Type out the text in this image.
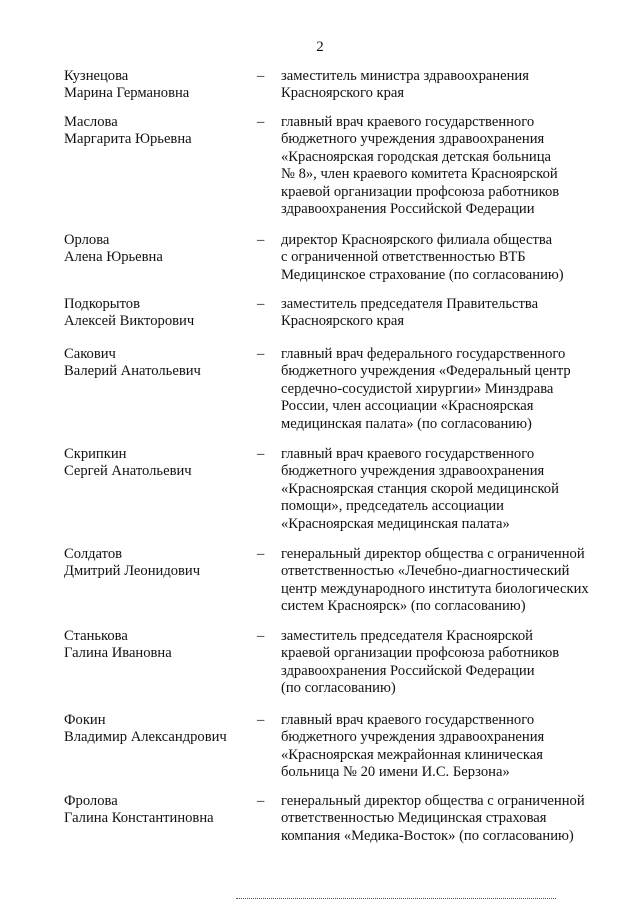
2
Кузнецова
Марина Германовна
– заместитель министра здравоохранения
Красноярского края
Маслова
Маргарита Юрьевна
– главный врач краевого государственного
бюджетного учреждения здравоохранения
«Красноярская городская детская больница
№ 8», член краевого комитета Красноярской
краевой организации профсоюза работников
здравоохранения Российской Федерации
Орлова
Алена Юрьевна
– директор Красноярского филиала общества
с ограниченной ответственностью ВТБ
Медицинское страхование (по согласованию)
Подкорытов
Алексей Викторович
– заместитель председателя Правительства
Красноярского края
Сакович
Валерий Анатольевич
– главный врач федерального государственного
бюджетного учреждения «Федеральный центр
сердечно-сосудистой хирургии» Минздрава
России, член ассоциации «Красноярская
медицинская палата» (по согласованию)
Скрипкин
Сергей Анатольевич
– главный врач краевого государственного
бюджетного учреждения здравоохранения
«Красноярская станция скорой медицинской
помощи», председатель ассоциации
«Красноярская медицинская палата»
Солдатов
Дмитрий Леонидович
– генеральный директор общества с ограниченной
ответственностью «Лечебно-диагностический
центр международного института биологических
систем Красноярск» (по согласованию)
Станькова
Галина Ивановна
– заместитель председателя Красноярской
краевой организации профсоюза работников
здравоохранения Российской Федерации
(по согласованию)
Фокин
Владимир Александрович
– главный врач краевого государственного
бюджетного учреждения здравоохранения
«Красноярская межрайонная клиническая
больница № 20 имени И.С. Берзона»
Фролова
Галина Константиновна
– генеральный директор общества с ограниченной
ответственностью Медицинская страховая
компания «Медика-Восток» (по согласованию)
